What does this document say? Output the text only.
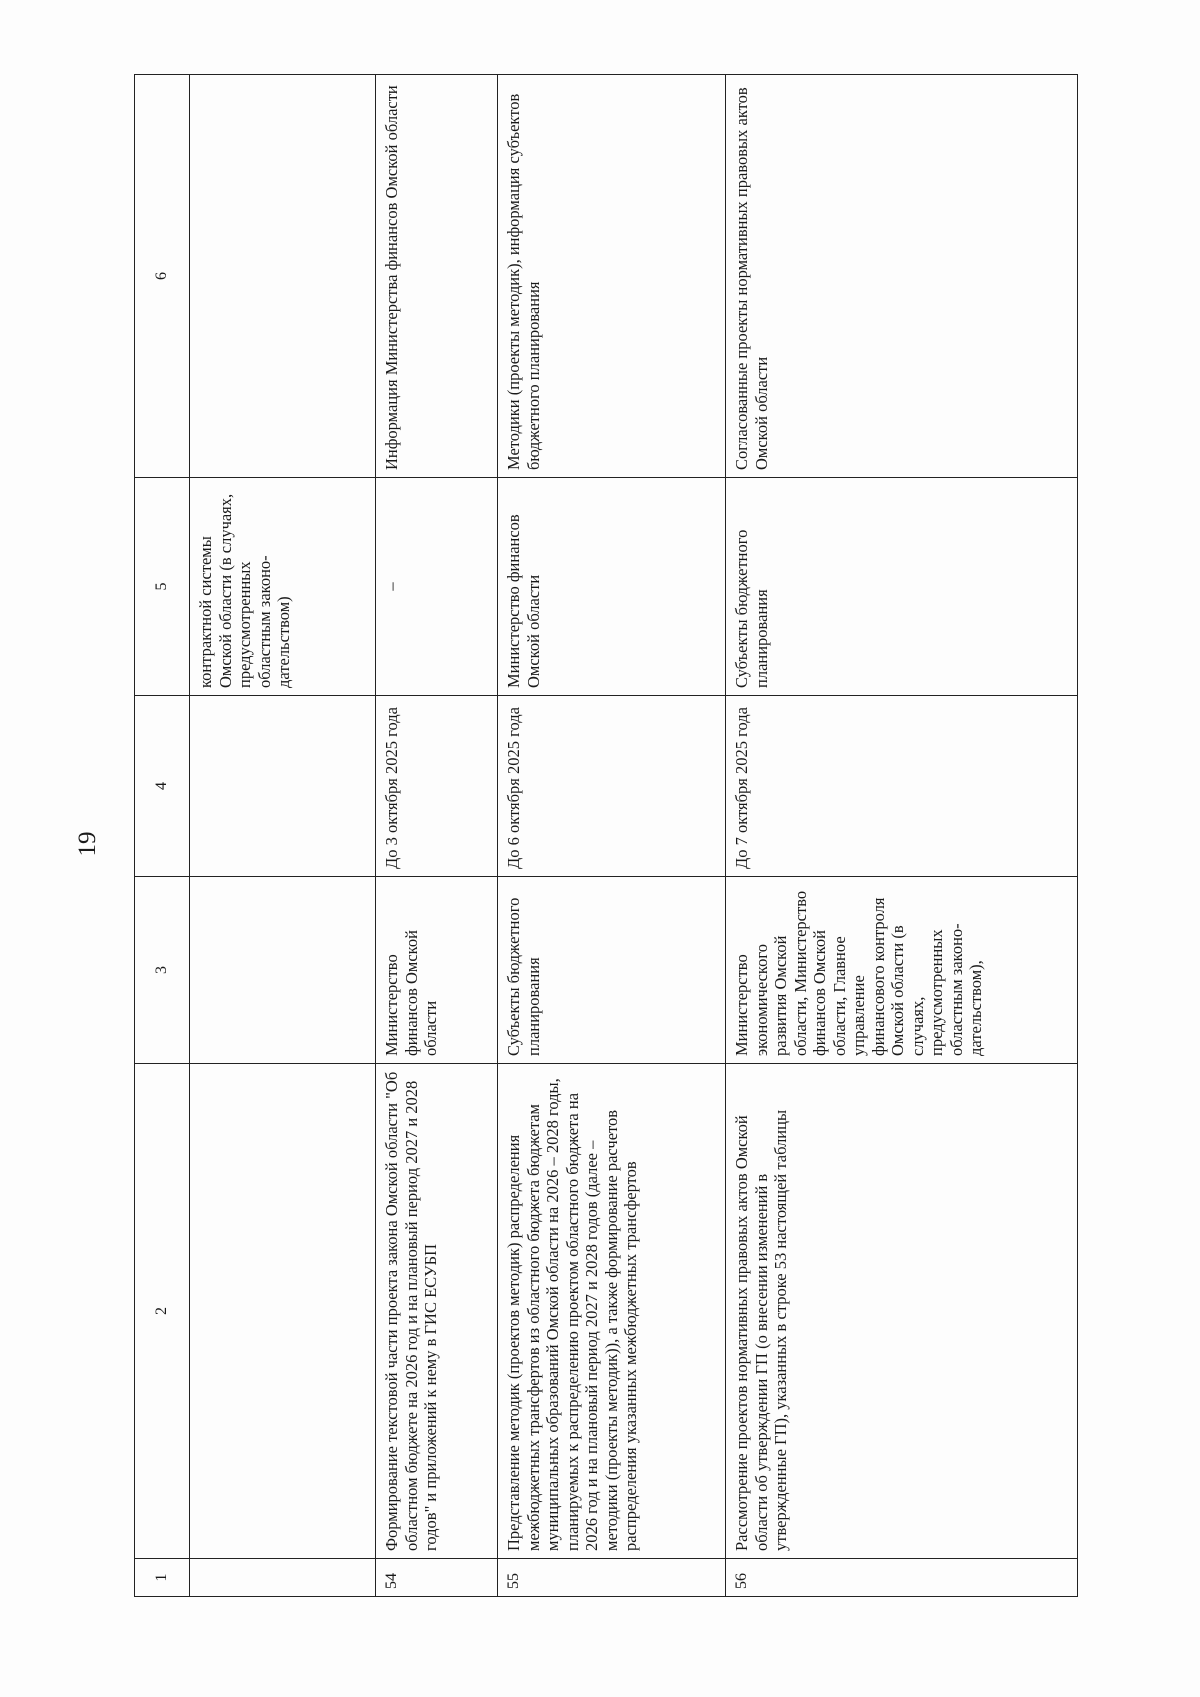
19
1	2	3	4	5	6
				контрактной системы Омской области (в случаях, предусмотренных областным законо-дательством)	
54	Формирование текстовой части проекта закона Омской области "Об областном бюджете на 2026 год и на плановый период 2027 и 2028 годов" и приложений к нему в ГИС ЕСУБП	Министерство финансов Омской области	До 3 октября 2025 года	–	Информация Министерства финансов Омской области
55	Представление методик (проектов методик) распределения межбюджетных трансфертов из областного бюджета бюджетам муниципальных образований Омской области на 2026 – 2028 годы, планируемых к распределению проектом областного бюджета на 2026 год и на плановый период 2027 и 2028 годов (далее – методики (проекты методик)), а также формирование расчетов распределения указанных межбюджетных трансфертов	Субъекты бюджетного планирования	До 6 октября 2025 года	Министерство финансов Омской области	Методики (проекты методик), информация субъектов бюджетного планирования
56	Рассмотрение проектов нормативных правовых актов Омской области об утверждении ГП (о внесении изменений в утвержденные ГП), указанных в строке 53 настоящей таблицы	Министерство экономического развития Омской области, Министерство финансов Омской области, Главное управление финансового контроля Омской области (в случаях, предусмотренных областным законо-дательством),	До 7 октября 2025 года	Субъекты бюджетного планирования	Согласованные проекты нормативных правовых актов Омской области
